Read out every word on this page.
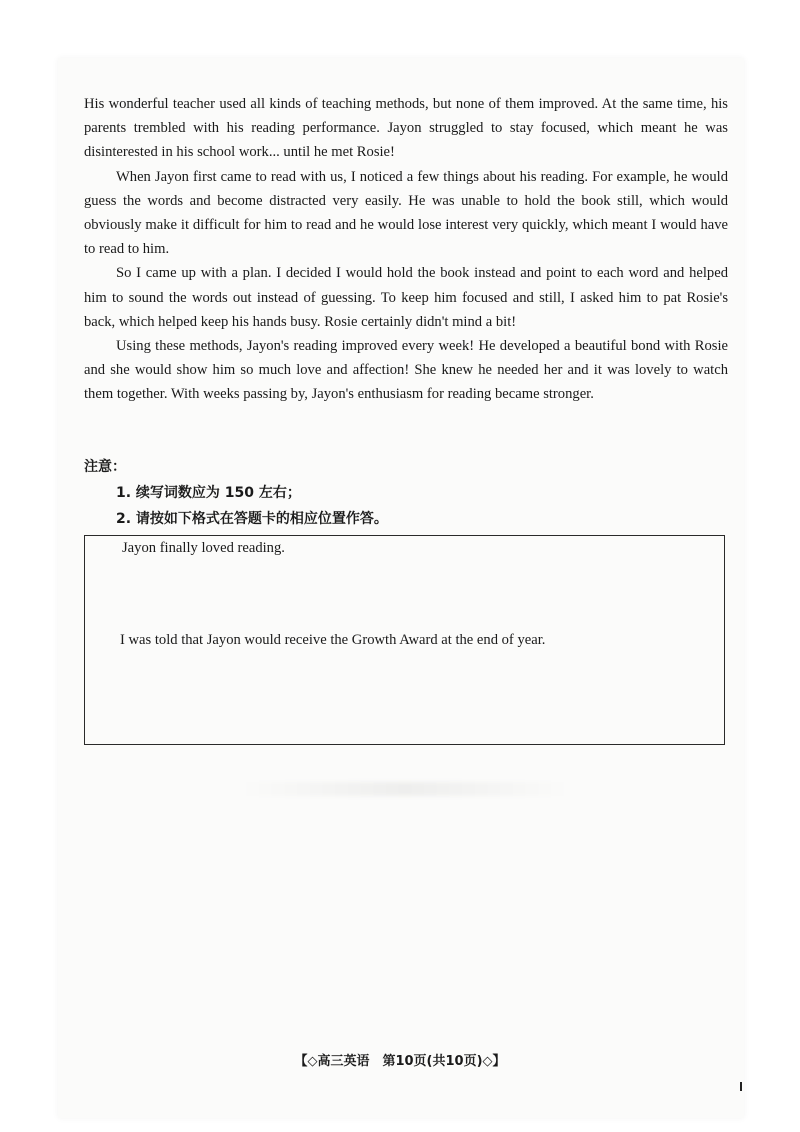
His wonderful teacher used all kinds of teaching methods, but none of them improved. At the same time, his parents trembled with his reading performance. Jayon struggled to stay focused, which meant he was disinterested in his school work... until he met Rosie!

When Jayon first came to read with us, I noticed a few things about his reading. For example, he would guess the words and become distracted very easily. He was unable to hold the book still, which would obviously make it difficult for him to read and he would lose interest very quickly, which meant I would have to read to him.

So I came up with a plan. I decided I would hold the book instead and point to each word and helped him to sound the words out instead of guessing. To keep him focused and still, I asked him to pat Rosie's back, which helped keep his hands busy. Rosie certainly didn't mind a bit!

Using these methods, Jayon's reading improved every week! He developed a beautiful bond with Rosie and she would show him so much love and affection! She knew he needed her and it was lovely to watch them together. With weeks passing by, Jayon's enthusiasm for reading became stronger.

注意：
1. 续写词数应为 150 左右；
2. 请按如下格式在答题卡的相应位置作答。
Jayon finally loved reading.
I was told that Jayon would receive the Growth Award at the end of year.
【◇高三英语　第10页(共10页)◇】
